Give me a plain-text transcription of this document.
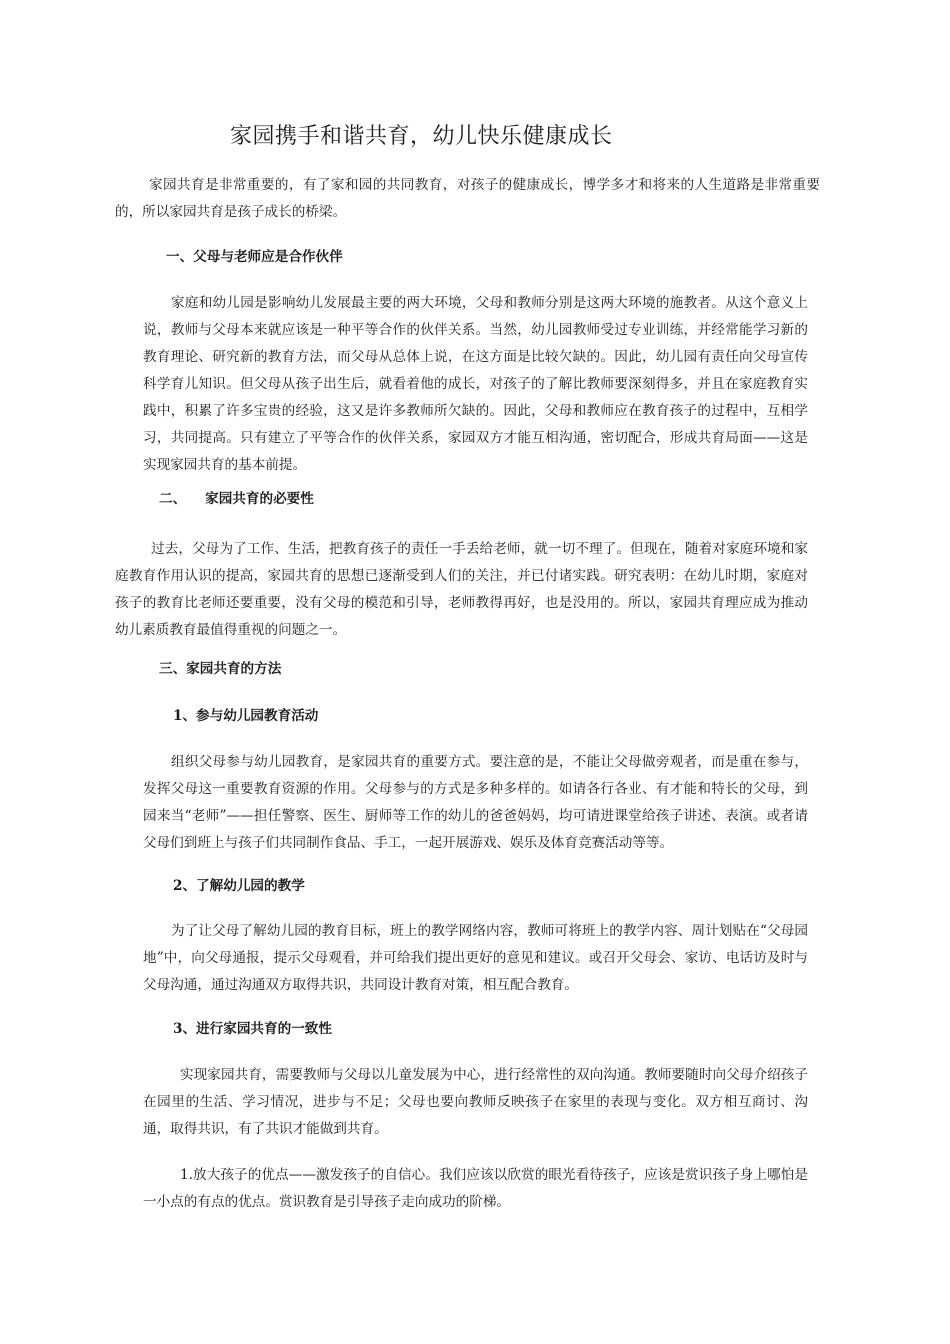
家园携手和谐共育，幼儿快乐健康成长

家园共育是非常重要的，有了家和园的共同教育，对孩子的健康成长，博学多才和将来的人生道路是非常重要的，所以家园共育是孩子成长的桥梁。

一、父母与老师应是合作伙伴

家庭和幼儿园是影响幼儿发展最主要的两大环境，父母和教师分别是这两大环境的施教者。从这个意义上说，教师与父母本来就应该是一种平等合作的伙伴关系。当然，幼儿园教师受过专业训练，并经常能学习新的教育理论、研究新的教育方法，而父母从总体上说，在这方面是比较欠缺的。因此，幼儿园有责任向父母宣传科学育儿知识。但父母从孩子出生后，就看着他的成长，对孩子的了解比教师要深刻得多，并且在家庭教育实践中，积累了许多宝贵的经验，这又是许多教师所欠缺的。因此，父母和教师应在教育孩子的过程中，互相学习，共同提高。只有建立了平等合作的伙伴关系，家园双方才能互相沟通，密切配合，形成共育局面——这是实现家园共育的基本前提。

二、    家园共育的必要性

过去，父母为了工作、生活，把教育孩子的责任一手丢给老师，就一切不理了。但现在，随着对家庭环境和家庭教育作用认识的提高，家园共育的思想已逐渐受到人们的关注，并已付诸实践。研究表明：在幼儿时期，家庭对孩子的教育比老师还要重要，没有父母的模范和引导，老师教得再好，也是没用的。所以，家园共育理应成为推动幼儿素质教育最值得重视的问题之一。

三、家园共育的方法

1、参与幼儿园教育活动

组织父母参与幼儿园教育，是家园共育的重要方式。要注意的是，不能让父母做旁观者，而是重在参与，发挥父母这一重要教育资源的作用。父母参与的方式是多种多样的。如请各行各业、有才能和特长的父母，到园来当“老师”——担任警察、医生、厨师等工作的幼儿的爸爸妈妈，均可请进课堂给孩子讲述、表演。或者请父母们到班上与孩子们共同制作食品、手工，一起开展游戏、娱乐及体育竞赛活动等等。

2、了解幼儿园的教学

为了让父母了解幼儿园的教育目标，班上的教学网络内容，教师可将班上的教学内容、周计划贴在“父母园地”中，向父母通报，提示父母观看，并可给我们提出更好的意见和建议。或召开父母会、家访、电话访及时与父母沟通，通过沟通双方取得共识，共同设计教育对策，相互配合教育。

3、进行家园共育的一致性

实现家园共育，需要教师与父母以儿童发展为中心，进行经常性的双向沟通。教师要随时向父母介绍孩子在园里的生活、学习情况，进步与不足；父母也要向教师反映孩子在家里的表现与变化。双方相互商讨、沟通，取得共识，有了共识才能做到共育。

1.放大孩子的优点——激发孩子的自信心。我们应该以欣赏的眼光看待孩子，应该是赏识孩子身上哪怕是一小点的有点的优点。赏识教育是引导孩子走向成功的阶梯。
